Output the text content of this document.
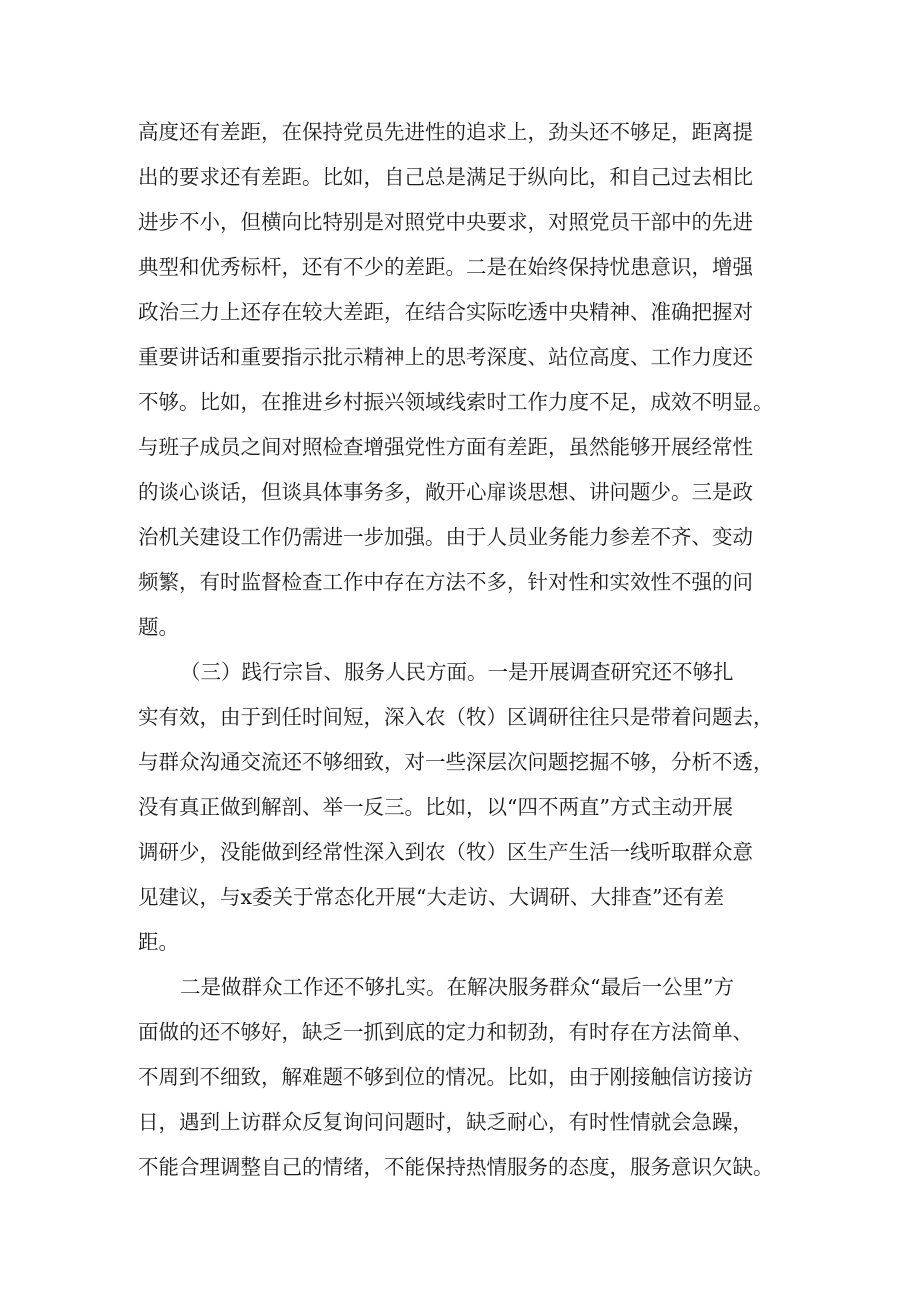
高度还有差距，在保持党员先进性的追求上，劲头还不够足，距离提
出的要求还有差距。比如，自己总是满足于纵向比，和自己过去相比
进步不小，但横向比特别是对照党中央要求，对照党员干部中的先进
典型和优秀标杆，还有不少的差距。二是在始终保持忧患意识，增强
政治三力上还存在较大差距，在结合实际吃透中央精神、准确把握对
重要讲话和重要指示批示精神上的思考深度、站位高度、工作力度还
不够。比如，在推进乡村振兴领域线索时工作力度不足，成效不明显。
与班子成员之间对照检查增强党性方面有差距，虽然能够开展经常性
的谈心谈话，但谈具体事务多，敞开心扉谈思想、讲问题少。三是政
治机关建设工作仍需进一步加强。由于人员业务能力参差不齐、变动
频繁，有时监督检查工作中存在方法不多，针对性和实效性不强的问
题。
（三）践行宗旨、服务人民方面。一是开展调查研究还不够扎
实有效，由于到任时间短，深入农（牧）区调研往往只是带着问题去，
与群众沟通交流还不够细致，对一些深层次问题挖掘不够，分析不透，
没有真正做到解剖、举一反三。比如，以“四不两直”方式主动开展
调研少，没能做到经常性深入到农（牧）区生产生活一线听取群众意
见建议，与x委关于常态化开展“大走访、大调研、大排查”还有差
距。
二是做群众工作还不够扎实。在解决服务群众“最后一公里”方
面做的还不够好，缺乏一抓到底的定力和韧劲，有时存在方法简单、
不周到不细致，解难题不够到位的情况。比如，由于刚接触信访接访
日，遇到上访群众反复询问问题时，缺乏耐心，有时性情就会急躁，
不能合理调整自己的情绪，不能保持热情服务的态度，服务意识欠缺。
